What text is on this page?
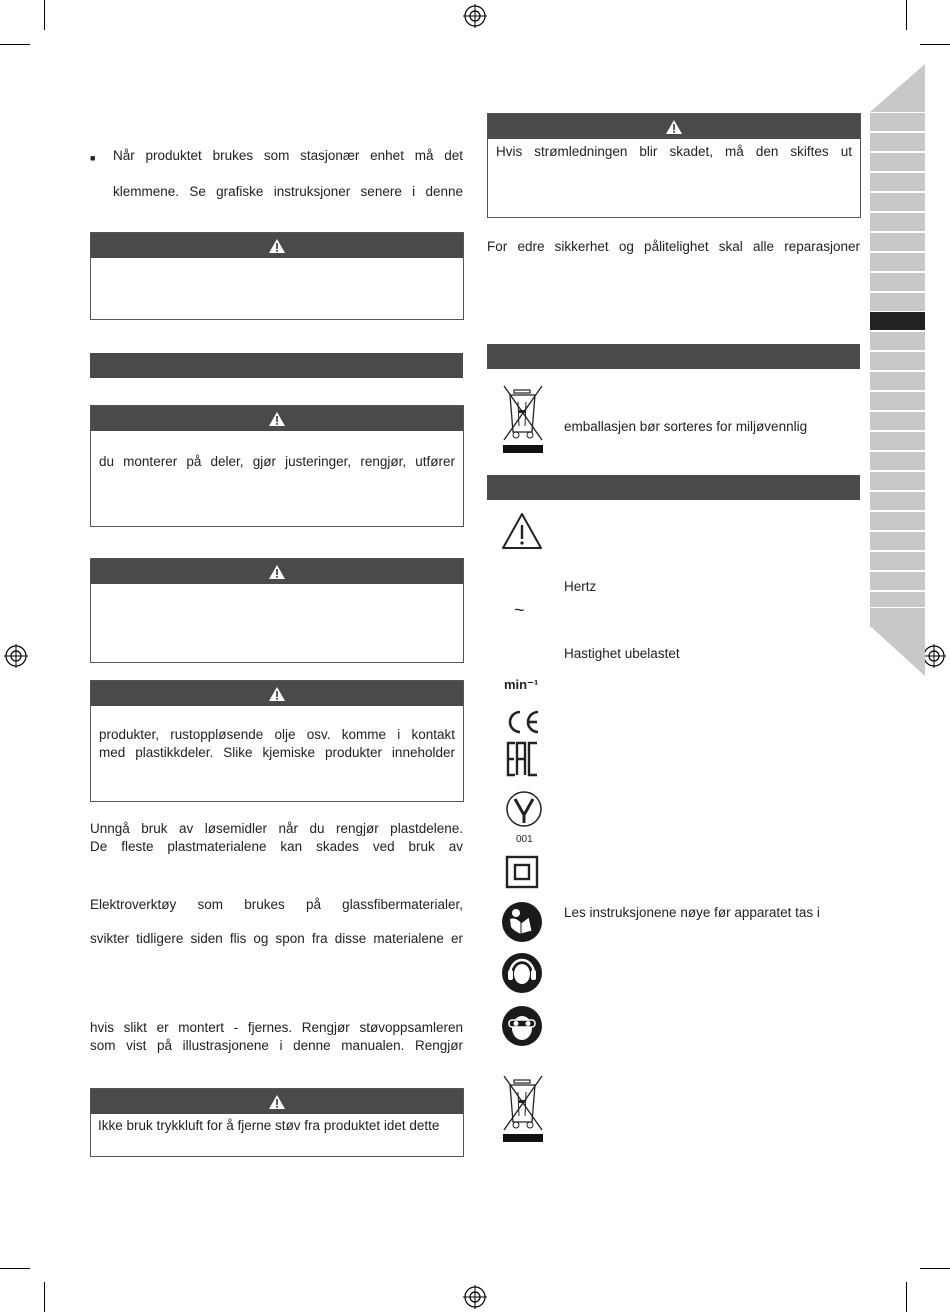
■ Når produktet brukes som stasjonær enhet må det
klemmene. Se grafiske instruksjoner senere i denne
du monterer på deler, gjør justeringer, rengjør, utfører
produkter, rustoppløsende olje osv. komme i kontakt
med plastikkdeler. Slike kjemiske produkter inneholder
Unngå bruk av løsemidler når du rengjør plastdelene.
De fleste plastmaterialene kan skades ved bruk av
Elektroverktøy som brukes på glassfibermaterialer,
svikter tidligere siden flis og spon fra disse materialene er
hvis slikt er montert - fjernes. Rengjør støvoppsamleren
som vist på illustrasjonene i denne manualen. Rengjør
Ikke bruk trykkluft for å fjerne støv fra produktet idet dette
Hvis strømledningen blir skadet, må den skiftes ut
For edre sikkerhet og pålitelighet skal alle reparasjoner
emballasjen bør sorteres for miljøvennlig
Hertz
~
Hastighet ubelastet
min⁻¹
001
Les instruksjonene nøye før apparatet tas i
